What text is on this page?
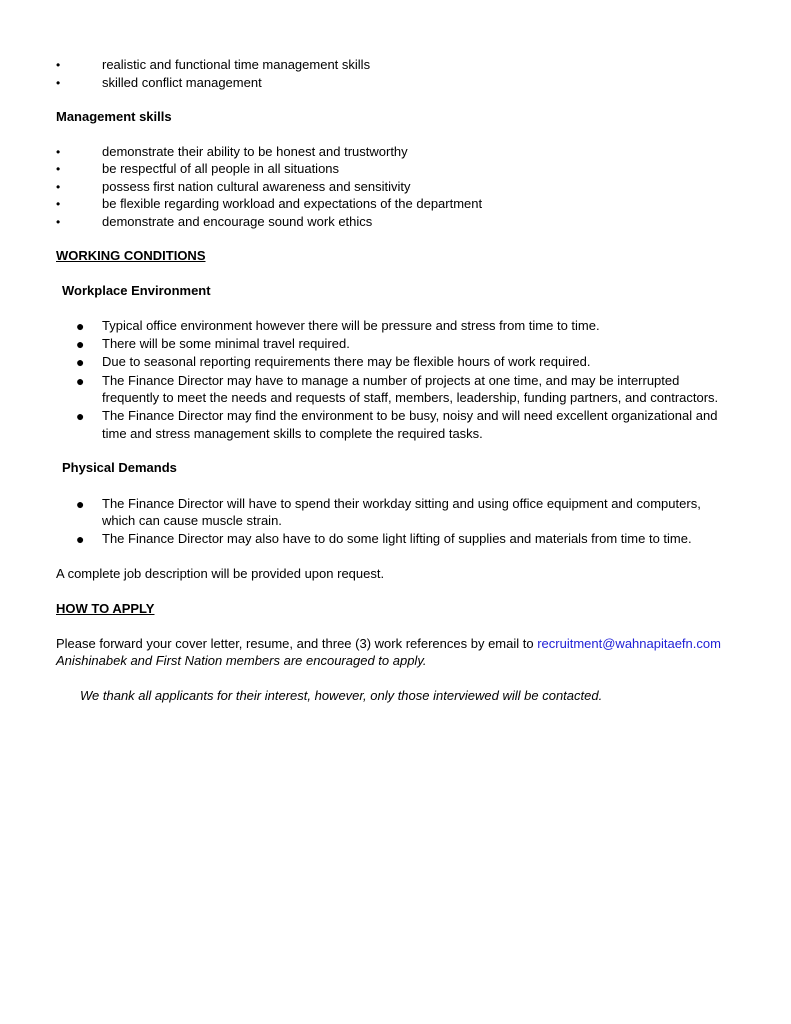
•	realistic and functional time management skills
•	skilled conflict management
Management skills
•	demonstrate their ability to be honest and trustworthy
•	be respectful of all people in all situations
•	possess first nation cultural awareness and sensitivity
•	be flexible regarding workload and expectations of the department
•	demonstrate and encourage sound work ethics
WORKING CONDITIONS
Workplace Environment
●	Typical office environment however there will be pressure and stress from time to time.
●	There will be some minimal travel required.
●	Due to seasonal reporting requirements there may be flexible hours of work required.
●	The Finance Director may have to manage a number of projects at one time, and may be interrupted
frequently to meet the needs and requests of staff, members, leadership, funding partners, and contractors.
●	The Finance Director may find the environment to be busy, noisy and will need excellent organizational and
time and stress management skills to complete the required tasks.
Physical Demands
●	The Finance Director will have to spend their workday sitting and using office equipment and computers,
which can cause muscle strain.
●	The Finance Director may also have to do some light lifting of supplies and materials from time to time.
A complete job description will be provided upon request.
HOW TO APPLY
Please forward your cover letter, resume, and three (3) work references by email to recruitment@wahnapitaefn.com
Anishinabek and First Nation members are encouraged to apply.
We thank all applicants for their interest, however, only those interviewed will be contacted.
